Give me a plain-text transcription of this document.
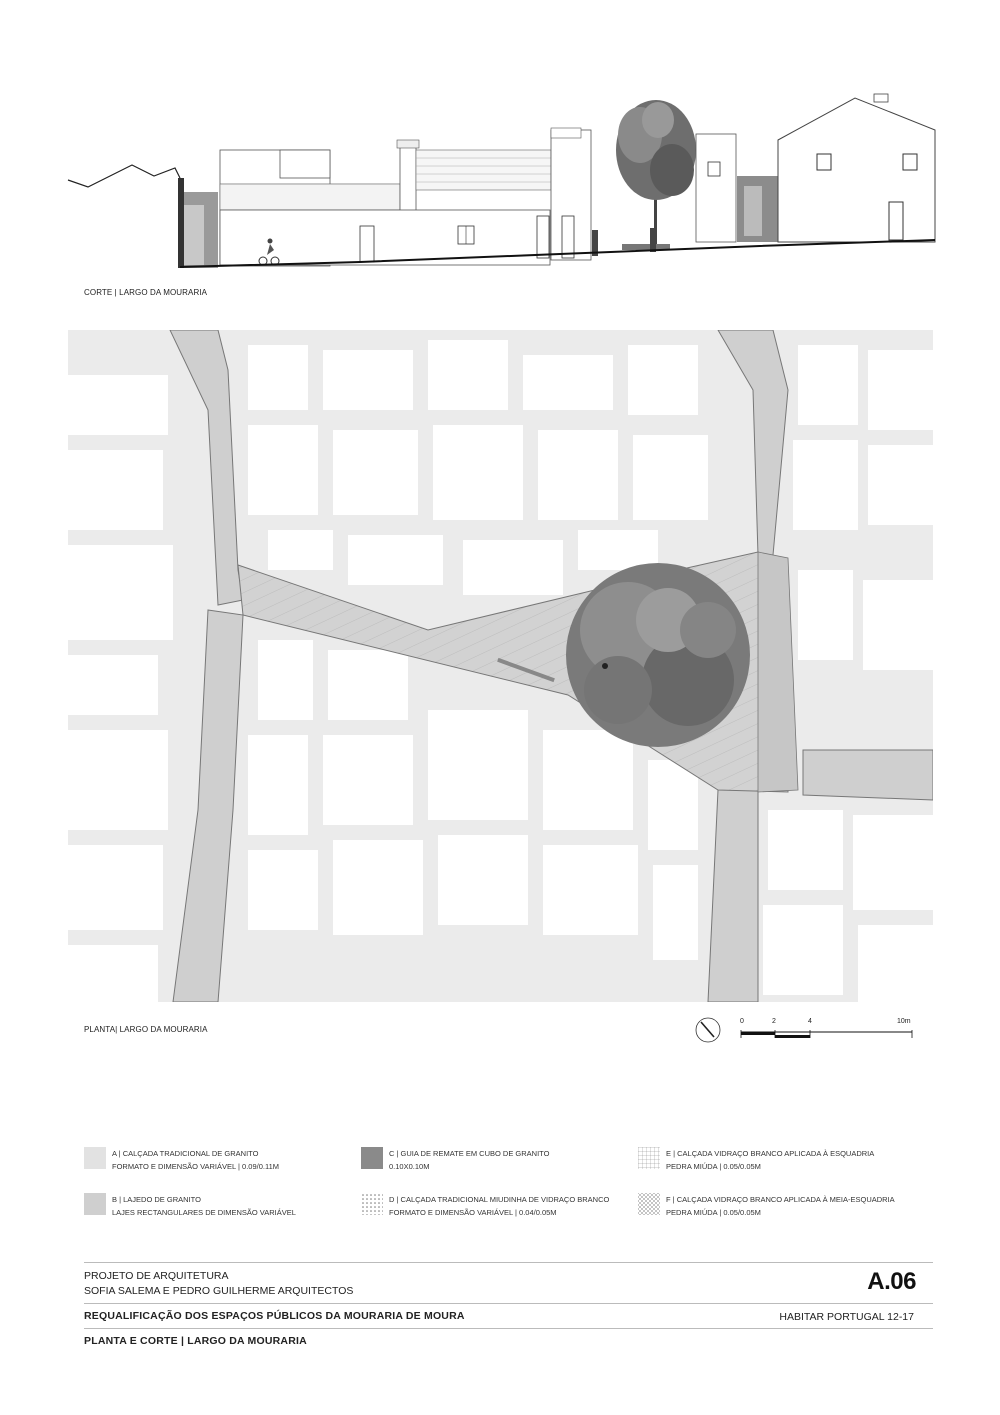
CORTE | LARGO DA MOURARIA
PLANTA| LARGO DA MOURARIA
0	2	4	10m
A | CALÇADA TRADICIONAL DE GRANITO
FORMATO E DIMENSÃO VARIÁVEL | 0.09/0.11M
B | LAJEDO DE GRANITO
LAJES RECTANGULARES DE DIMENSÃO VARIÁVEL
C | GUIA DE REMATE EM CUBO DE GRANITO
0.10X0.10M
D | CALÇADA TRADICIONAL MIUDINHA DE VIDRAÇO BRANCO
FORMATO E DIMENSÃO VARIÁVEL | 0.04/0.05M
E | CALÇADA VIDRAÇO BRANCO APLICADA À ESQUADRIA
PEDRA MIÚDA | 0.05/0.05M
F | CALÇADA VIDRAÇO BRANCO APLICADA À MEIA-ESQUADRIA
PEDRA MIÚDA | 0.05/0.05M
PROJETO DE ARQUITETURA
SOFIA SALEMA E PEDRO GUILHERME ARQUITECTOS	A.06
REQUALIFICAÇÃO DOS ESPAÇOS PÚBLICOS DA MOURARIA DE MOURA	HABITAR PORTUGAL 12-17
PLANTA E CORTE | LARGO DA MOURARIA
